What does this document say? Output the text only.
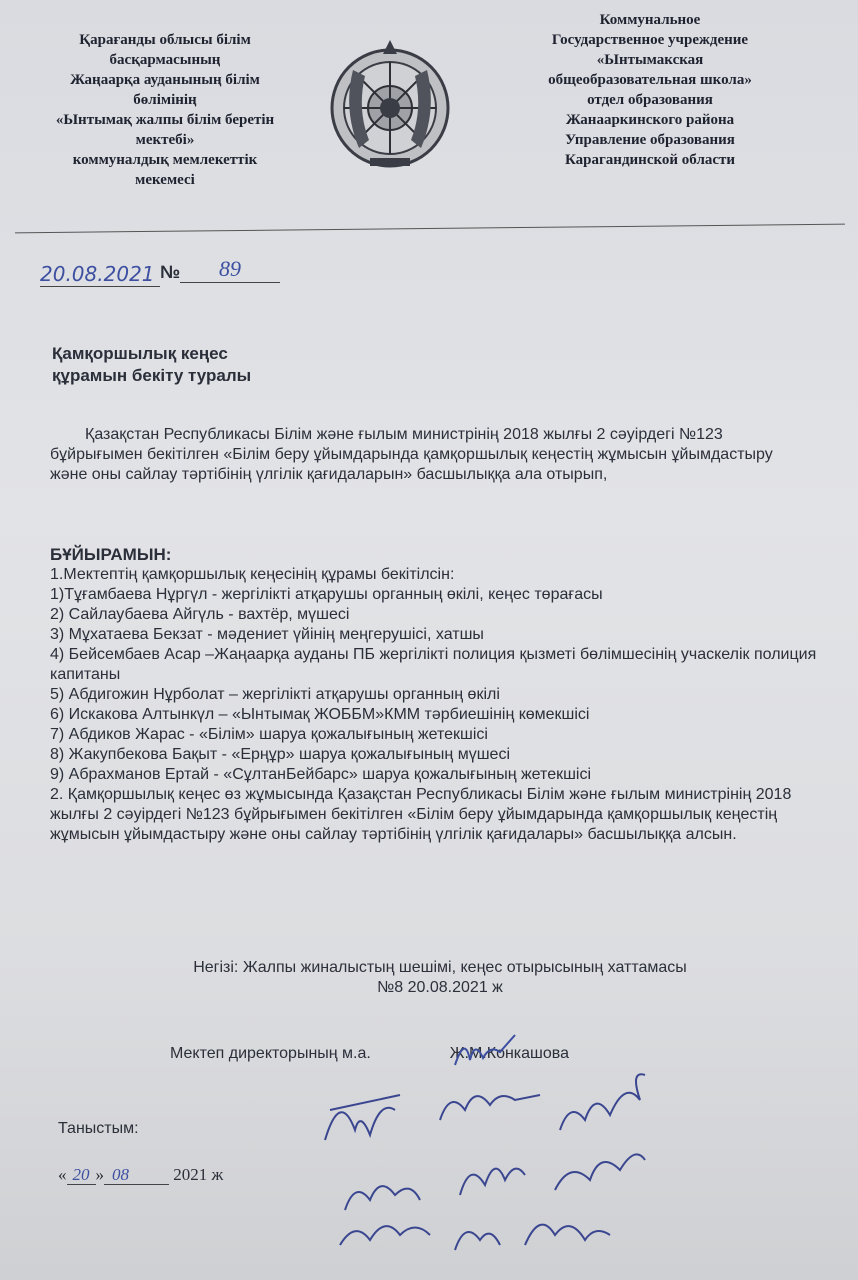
Қарағанды облысы білім
басқармасының
Жаңаарқа ауданының білім
бөлімінің
«Ынтымақ жалпы білім беретін
мектебі»
коммуналдық мемлекеттік
мекемесі
Коммунальное
Государственное учреждение
«Ынтымакская
общеобразовательная школа»
отдел образования
Жанааркинского района
Управление образования
Карагандинской области
20.08.2021 №	89
Қамқоршылық кеңес
құрамын бекіту туралы
Қазақстан Республикасы Білім және ғылым министрінің 2018 жылғы 2 сәуірдегі №123 бұйрығымен бекітілген «Білім беру ұйымдарында қамқоршылық кеңестің жұмысын ұйымдастыру және оны сайлау тәртібінің үлгілік қағидаларын» басшылыққа ала отырып,
БҰЙЫРАМЫН:
1.Мектептің қамқоршылық кеңесінің құрамы бекітілсін:
1)Тұғамбаева Нұргүл - жергілікті атқарушы органның өкілі, кеңес төрағасы
2) Сайлаубаева Айгүль - вахтёр, мүшесі
3) Мұхатаева Бекзат - мәдениет үйінің меңгерушісі, хатшы
4) Бейсембаев Асар –Жаңаарқа ауданы ПБ жергілікті полиция қызметі бөлімшесінің учаскелік полиция капитаны
5) Абдигожин Нұрболат – жергілікті атқарушы органның өкілі
6) Искакова Алтынкүл – «Ынтымақ ЖОББМ»КММ тәрбиешінің көмекшісі
7) Абдиков Жарас - «Білім» шаруа қожалығының жетекшісі
8) Жакупбекова Бақыт - «Ерңұр» шаруа қожалығының мүшесі
9) Абрахманов Ертай - «СұлтанБейбарс» шаруа қожалығының жетекшісі
2. Қамқоршылық кеңес өз жұмысында Қазақстан Республикасы Білім және ғылым министрінің 2018 жылғы 2 сәуірдегі №123 бұйрығымен бекітілген «Білім беру ұйымдарында қамқоршылық кеңестің жұмысын ұйымдастыру және оны сайлау тәртібінің үлгілік қағидалары» басшылыққа алсын.
Негізі: Жалпы жиналыстың шешімі, кеңес отырысының хаттамасы
№8 20.08.2021 ж
Мектеп директорының м.а.	Ж.М.Конкашова
Таныстым:
« 20 » 08	2021 ж
